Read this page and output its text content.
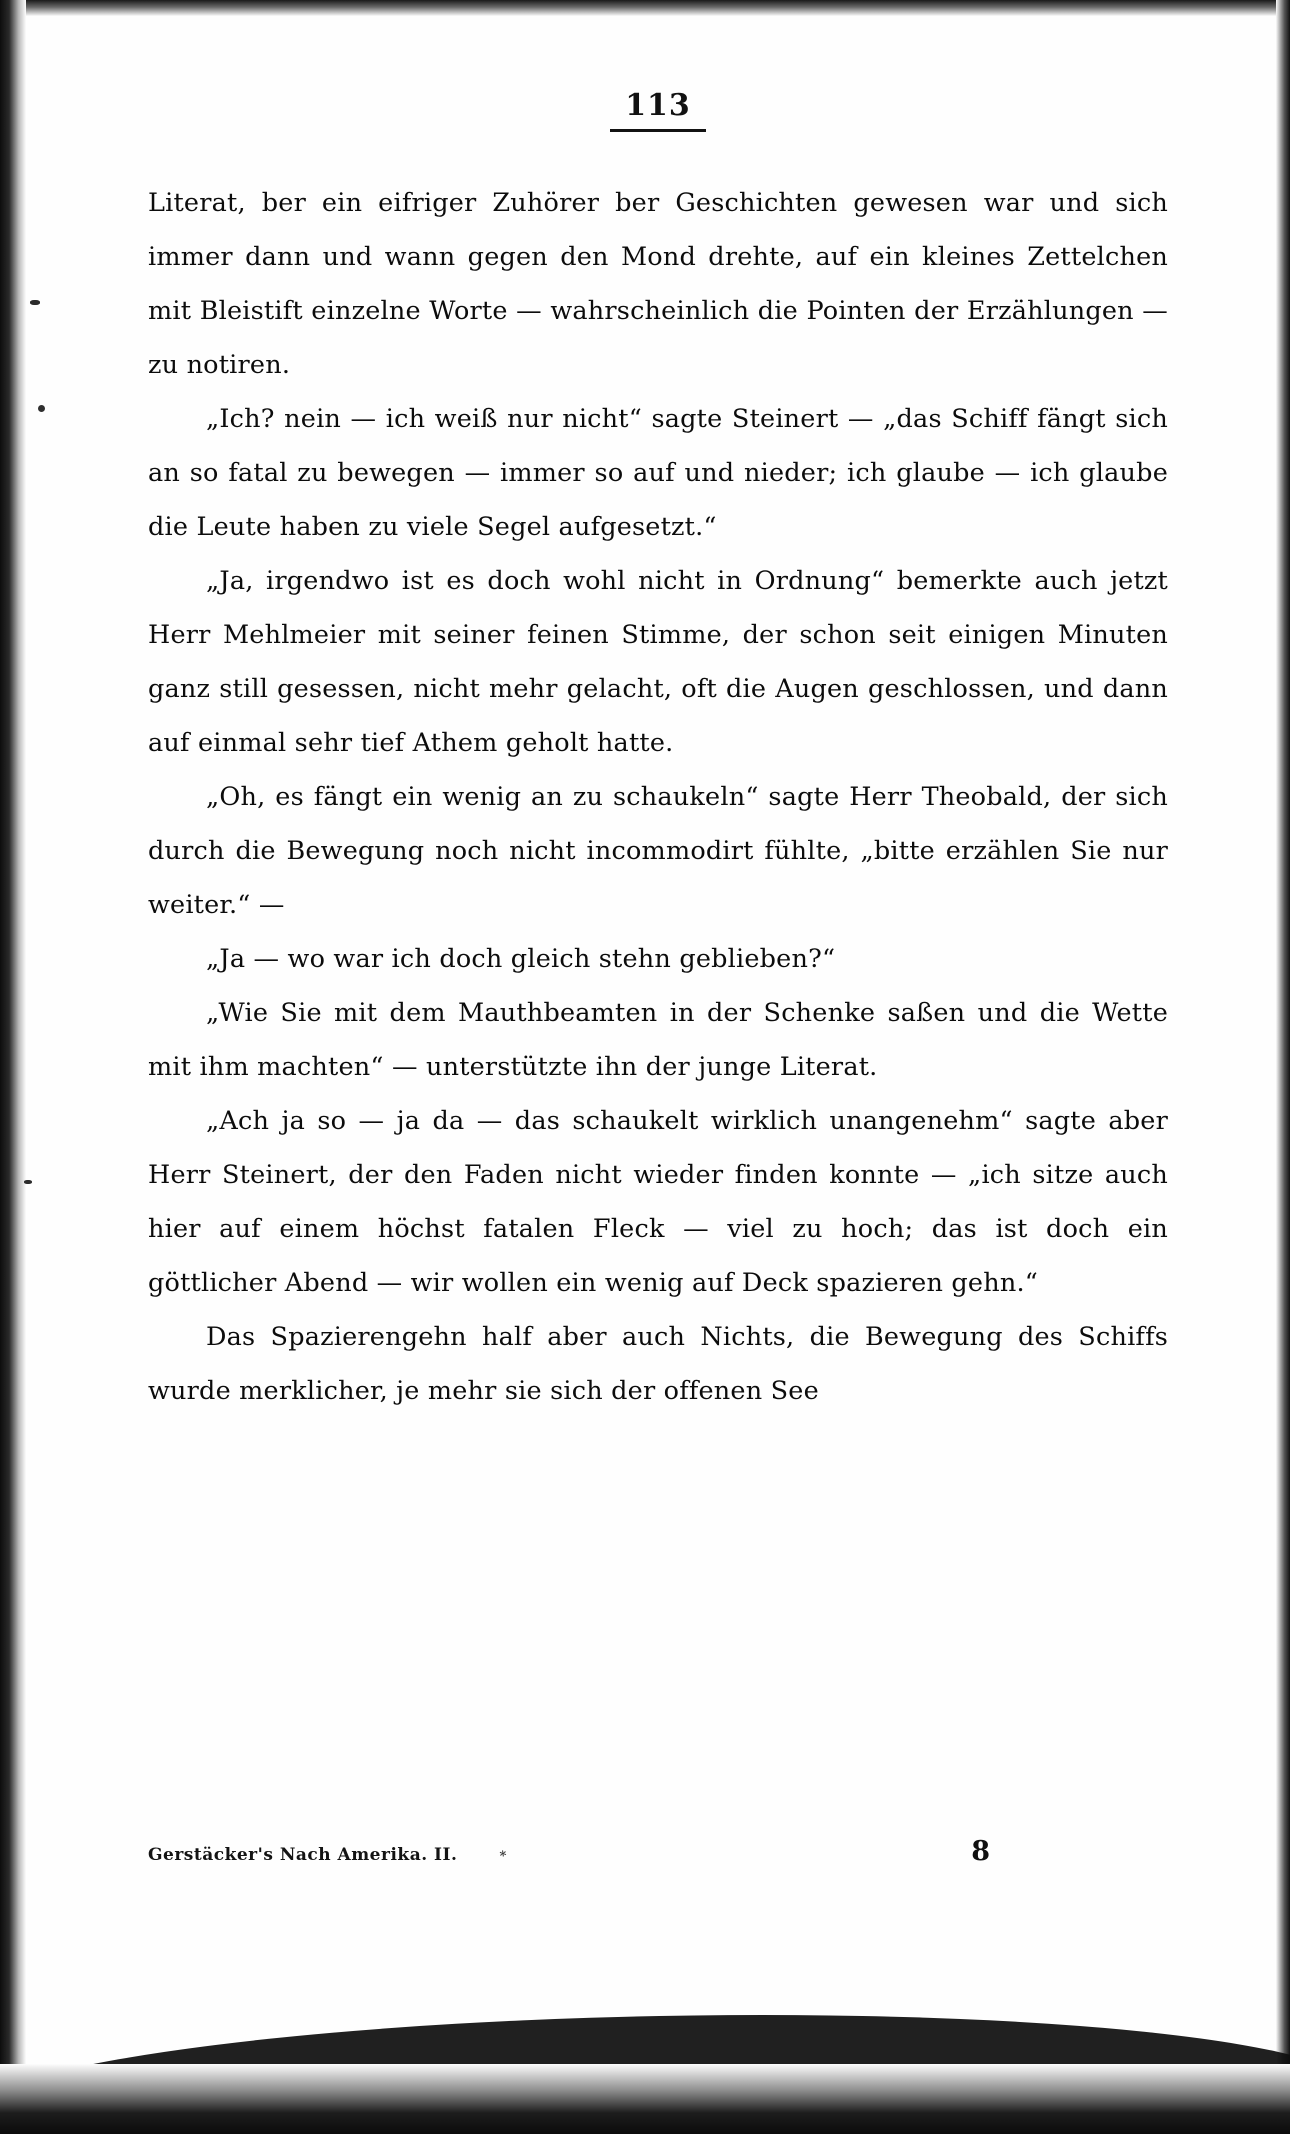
113

Literat, ber ein eifriger Zuhörer ber Geschichten gewesen war und sich immer dann und wann gegen den Mond drehte, auf ein kleines Zettelchen mit Bleistift einzelne Worte — wahrscheinlich die Pointen der Erzählungen — zu notiren.

„Ich? nein — ich weiß nur nicht“ sagte Steinert — „das Schiff fängt sich an so fatal zu bewegen — immer so auf und nieder; ich glaube — ich glaube die Leute haben zu viele Segel aufgesetzt.“

„Ja, irgendwo ist es doch wohl nicht in Ordnung“ bemerkte auch jetzt Herr Mehlmeier mit seiner feinen Stimme, der schon seit einigen Minuten ganz still gesessen, nicht mehr gelacht, oft die Augen geschlossen, und dann auf einmal sehr tief Athem geholt hatte.

„Oh, es fängt ein wenig an zu schaukeln“ sagte Herr Theobald, der sich durch die Bewegung noch nicht incommodirt fühlte, „bitte erzählen Sie nur weiter.“ —

„Ja — wo war ich doch gleich stehn geblieben?“

„Wie Sie mit dem Mauthbeamten in der Schenke saßen und die Wette mit ihm machten“ — unterstützte ihn der junge Literat.

„Ach ja so — ja da — das schaukelt wirklich unangenehm“ sagte aber Herr Steinert, der den Faden nicht wieder finden konnte — „ich sitze auch hier auf einem höchst fatalen Fleck — viel zu hoch; das ist doch ein göttlicher Abend — wir wollen ein wenig auf Deck spazieren gehn.“

Das Spazierengehn half aber auch Nichts, die Bewegung des Schiffs wurde merklicher, je mehr sie sich der offenen See

Gerstäcker's Nach Amerika. II.	*	8
